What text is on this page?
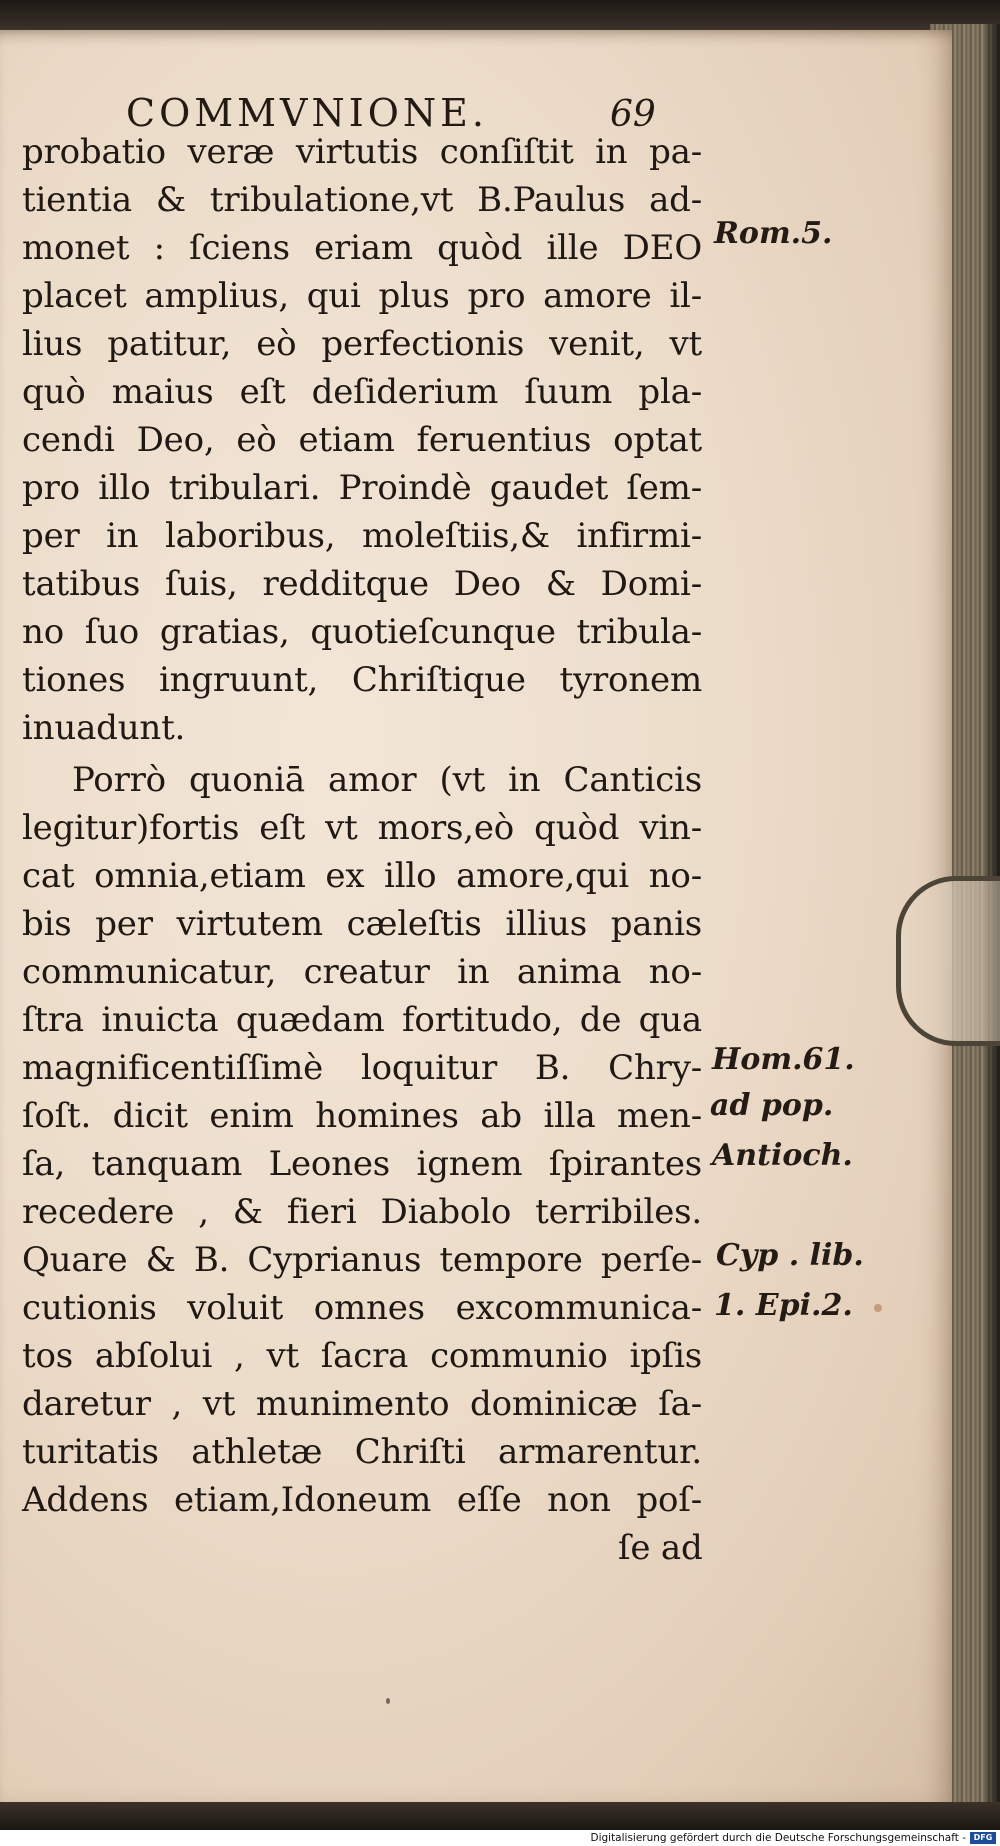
COMMVNIONE.	69
probatio veræ virtutis conſiſtit in pa-
tientia & tribulatione,vt B.Paulus ad-
monet : ſciens eriam quòd ille DEO
placet amplius, qui plus pro amore il-
lius patitur, eò perfectionis venit, vt
quò maius eſt deſiderium ſuum pla-
cendi Deo, eò etiam feruentius optat
pro illo tribulari. Proindè gaudet ſem-
per in laboribus, moleſtiis,& infirmi-
tatibus ſuis, redditque Deo & Domi-
no ſuo gratias, quotieſcunque tribula-
tiones ingruunt, Chriſtique tyronem
inuadunt.
Porrò quoniā amor (vt in Canticis
legitur)fortis eſt vt mors,eò quòd vin-
cat omnia,etiam ex illo amore,qui no-
bis per virtutem cæleſtis illius panis
communicatur, creatur in anima no-
ſtra inuicta quædam fortitudo, de qua
magnificentiſſimè loquitur B. Chry-
ſoſt. dicit enim homines ab illa men-
ſa, tanquam Leones ignem ſpirantes
recedere , & fieri Diabolo terribiles.
Quare & B. Cyprianus tempore perſe-
cutionis voluit omnes excommunica-
tos abſolui , vt ſacra communio ipſis
daretur , vt munimento dominicæ ſa-
turitatis athletæ Chriſti armarentur.
Addens etiam,Idoneum eſſe non poſ-
ſe ad
Rom.5.
Hom.61.
ad pop.
Antioch.
Cyp . lib.
1. Epi.2.
Digitalisierung gefördert durch die Deutsche Forschungsgemeinschaft - DFG
